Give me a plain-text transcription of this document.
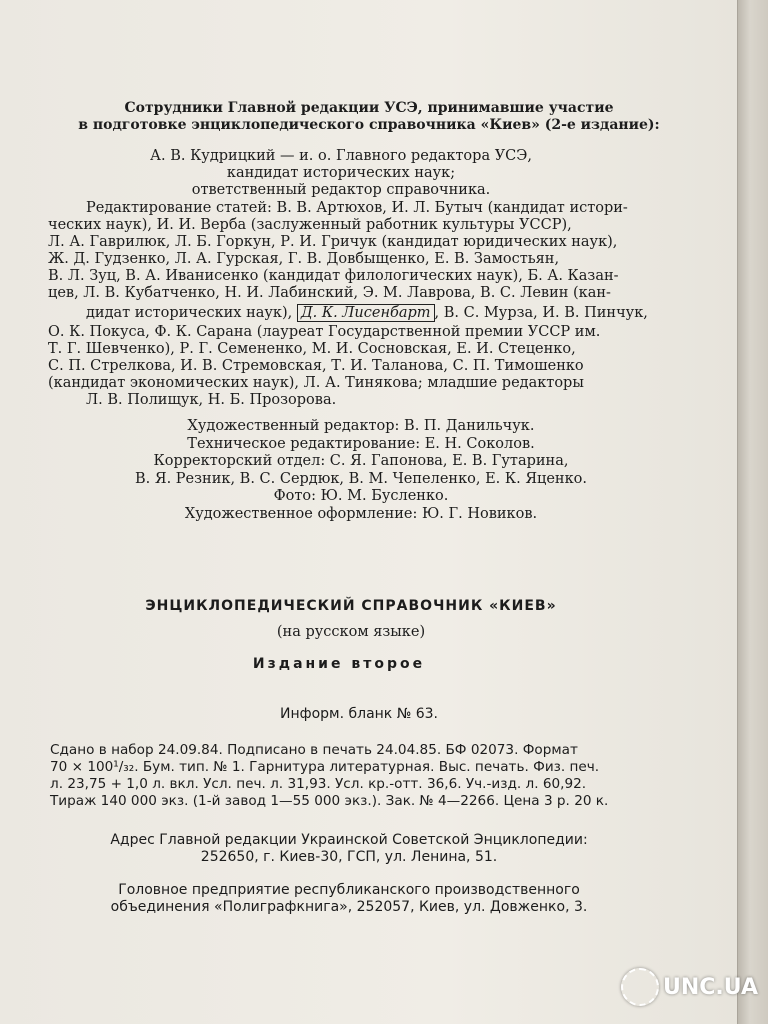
Сотрудники Главной редакции УСЭ, принимавшие участие
в подготовке энциклопедического справочника «Киев» (2-е издание):
А. В. Кудрицкий — и. о. Главного редактора УСЭ,
кандидат исторических наук;
ответственный редактор справочника.
Редактирование статей: В. В. Артюхов, И. Л. Бутыч (кандидат истори-
ческих наук), И. И. Верба (заслуженный работник культуры УССР),
Л. А. Гаврилюк, Л. Б. Горкун, Р. И. Гричук (кандидат юридических наук),
Ж. Д. Гудзенко, Л. А. Гурская, Г. В. Довбыщенко, Е. В. Замостьян,
В. Л. Зуц, В. А. Иванисенко (кандидат филологических наук), Б. А. Казан-
цев, Л. В. Кубатченко, Н. И. Лабинский, Э. М. Лаврова, В. С. Левин (кан-
дидат исторических наук), Д. К. Лисенбарт , В. С. Мурза, И. В. Пинчук,
О. К. Покуса, Ф. К. Сарана (лауреат Государственной премии УССР им.
Т. Г. Шевченко), Р. Г. Семененко, М. И. Сосновская, Е. И. Стеценко,
С. П. Стрелкова, И. В. Стремовская, Т. И. Таланова, С. П. Тимошенко
(кандидат экономических наук), Л. А. Тинякова; младшие редакторы
Л. В. Полищук, Н. Б. Прозорова.
Художественный редактор: В. П. Данильчук.
Техническое редактирование: Е. Н. Соколов.
Корректорский отдел: С. Я. Гапонова, Е. В. Гутарина,
В. Я. Резник, В. С. Сердюк, В. М. Чепеленко, Е. К. Яценко.
Фото: Ю. М. Бусленко.
Художественное оформление: Ю. Г. Новиков.
ЭНЦИКЛОПЕДИЧЕСКИЙ СПРАВОЧНИК «КИЕВ»
(на русском языке)
Издание второе
Информ. бланк № 63.
Сдано в набор 24.09.84. Подписано в печать 24.04.85. БФ 02073. Формат
70 × 100¹/₃₂. Бум. тип. № 1. Гарнитура литературная. Выс. печать. Физ. печ.
л. 23,75 + 1,0 л. вкл. Усл. печ. л. 31,93. Усл. кр.-отт. 36,6. Уч.-изд. л. 60,92.
Тираж 140 000 экз. (1-й завод 1—55 000 экз.). Зак. № 4—2266. Цена 3 р. 20 к.
Адрес Главной редакции Украинской Советской Энциклопедии:
252650, г. Киев-30, ГСП, ул. Ленина, 51.
Головное предприятие республиканского производственного
объединения «Полиграфкнига», 252057, Киев, ул. Довженко, 3.
UNC.UA
